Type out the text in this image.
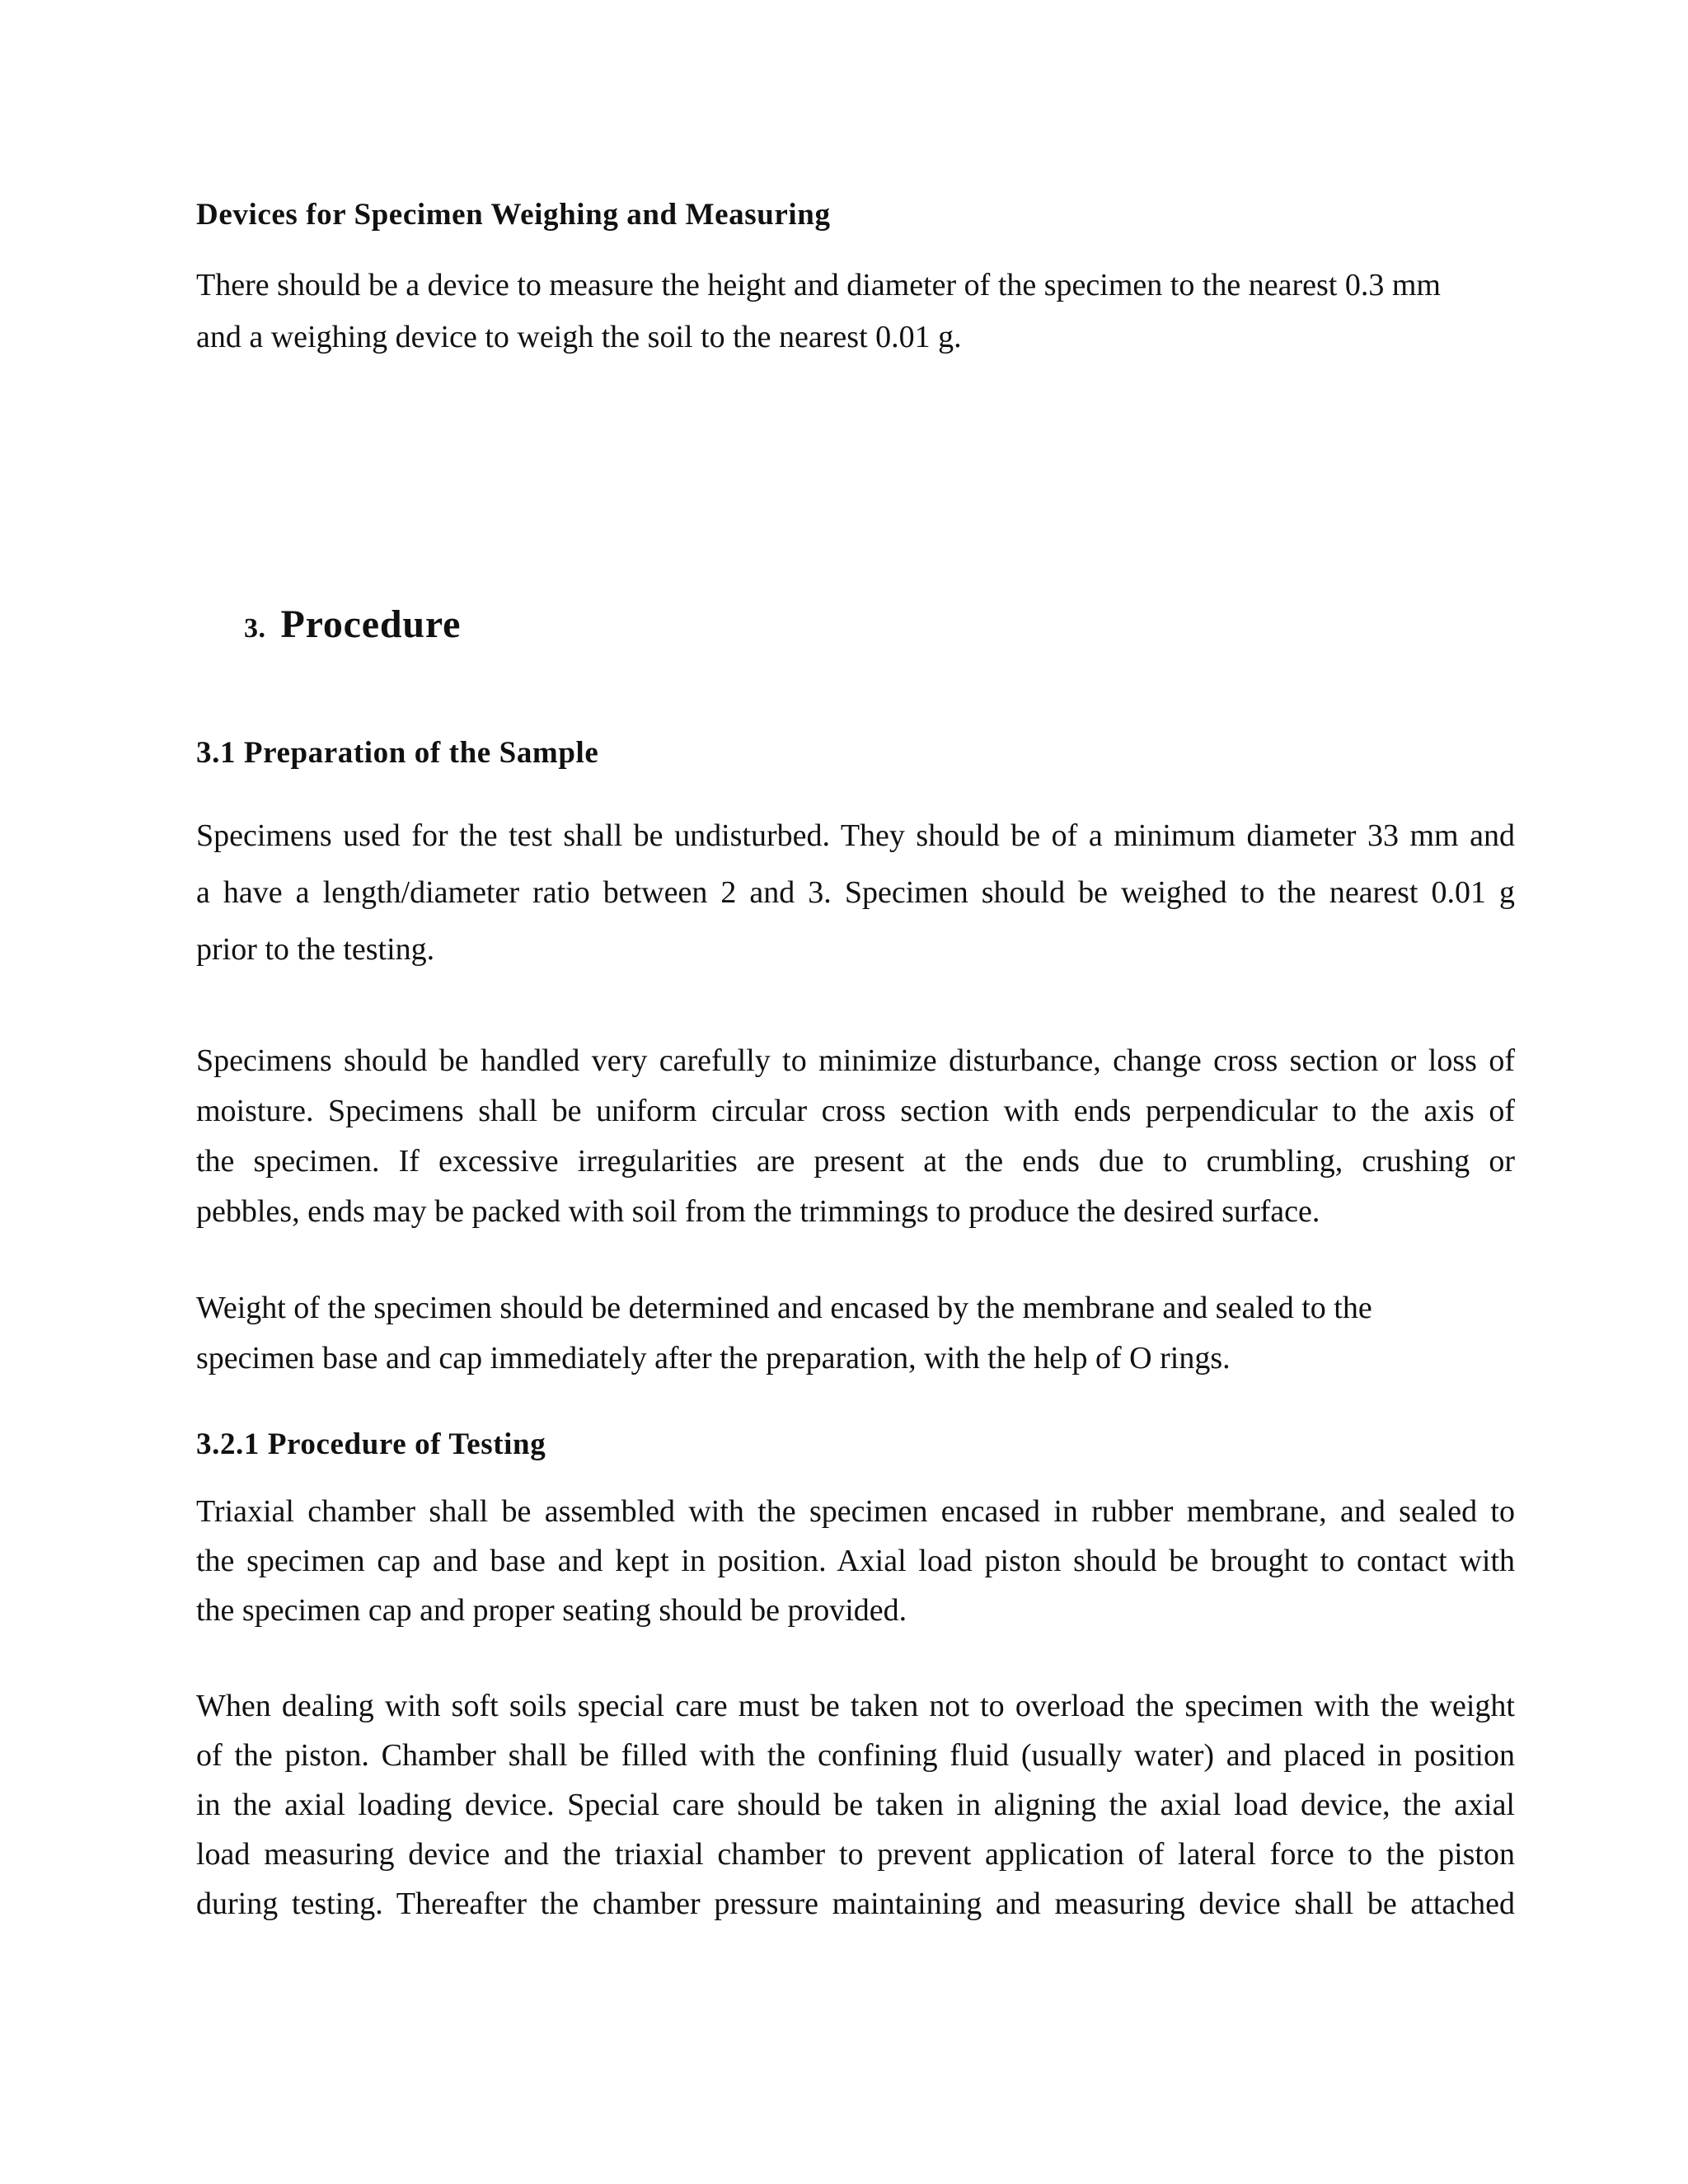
Devices for Specimen Weighing and Measuring

There should be a device to measure the height and diameter of the specimen to the nearest 0.3 mm
and a weighing device to weigh the soil to the nearest 0.01 g.

3. Procedure
3.1 Preparation of the Sample

Specimens used for the test shall be undisturbed. They should be of a minimum diameter 33 mm and
a have a length/diameter ratio between 2 and 3. Specimen should be weighed to the nearest 0.01 g
prior to the testing.

Specimens should be handled very carefully to minimize disturbance, change cross section or loss of
moisture. Specimens shall be uniform circular cross section with ends perpendicular to the axis of
the specimen. If excessive irregularities are present at the ends due to crumbling, crushing or
pebbles, ends may be packed with soil from the trimmings to produce the desired surface.

Weight of the specimen should be determined and encased by the membrane and sealed to the
specimen base and cap immediately after the preparation, with the help of O rings.

3.2.1 Procedure of Testing

Triaxial chamber shall be assembled with the specimen encased in rubber membrane, and sealed to
the specimen cap and base and kept in position. Axial load piston should be brought to contact with
the specimen cap and proper seating should be provided.

When dealing with soft soils special care must be taken not to overload the specimen with the weight
of the piston. Chamber shall be filled with the confining fluid (usually water) and placed in position
in the axial loading device. Special care should be taken in aligning the axial load device, the axial
load measuring device and the triaxial chamber to prevent application of lateral force to the piston
during testing. Thereafter the chamber pressure maintaining and measuring device shall be attached
